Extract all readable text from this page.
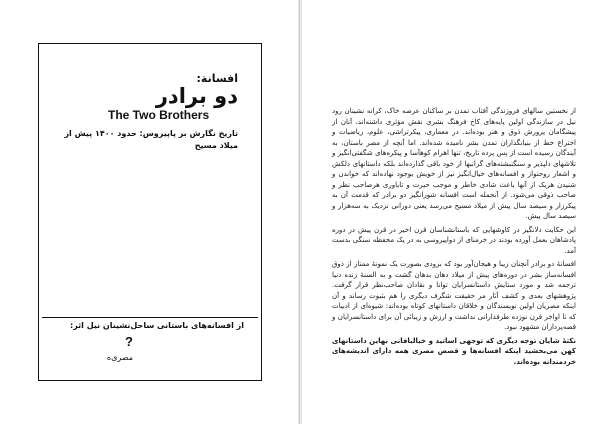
افسانة:
دو برادر
The Two Brothers
تاریخ نگارش بر پاپیروس: حدود ۱۴۰۰ پیش از
میلاد مسیح
از افسانه‌های باستانی ساحل‌نشینان نیل اثر:
?
مصری‌ه

از نخستین سالهای فروزندگی آفتاب تمدن بر ساکنان عرصه خاک، کرانه نشینان رود نیل در سازندگی اولین پایه‌های کاخ فرهنگ بشری نقش مؤثری داشته‌اند، آنان از پیشگامان پرورش ذوق و هنر بوده‌اند. در معماری، پیکرتراشی، علوم، ریاضیات و اختراع خط از بنیانگذاران تمدن بشر نامیده شده‌اند. اما آنچه از مصر باستان، به آیندگان رسیده است از پس پرده تاریخ، تنها اهرام کوهآسا و پیکره‌های شگفتی‌انگیز و تلاشهای دلپذیر و سنگنبشته‌های گرانبها از خود باقی گذارده‌اند بلکه داستانهای دلکش و اشعار روحنواز و افسانه‌های خیال‌انگیز نیز از خویش بوجود نهاده‌اند که خواندن و شنیدن هریک از آنها باعث شادی خاطر و موجب حیرت و تایاوری هرصاحب نظر و صاحب ذوقی می‌شود. از آنجمله است افسانه شورانگیز دو برادر که قدمت آن به پیکرزار و سیصد سال پیش از میلاد مسیح می‌رسد یعنی دورانی نزدیک به سه‌هزار و سیصد سال پیش.

این حکایت دلانگیز در کاوشهایی که باستانشناسان قرن اخیر در قرن پیش در دوره پادشاهان بعمل آورده بودند در خرمنای از دواپیروسی به در یک محفظه سنگی بدست آمد.

افسانهٔ دو برادر آنچنان زیبا و هیجان‌آور بود که بزودی بصورت یک نمونهٔ ممتاز از ذوق افسانه‌ساز بشر در دوره‌های پیش از میلاد دهان بدهان گشت و به السنهٔ زنده دنیا ترجمه شد و مورد ستایش داستانسرایان توانا و نقادان صاحب‌نظر قرار گرفت. پژوهشهای بعدی و کشف آثار مر حقیقت شگرف دیگری را هم بثبوت رساند و آن اینکه مصریان اولین نویسندگان و خلاقان داستانهای کوتاه بوده‌اند: شیوه‌ای از ادبیات که تا اواخر قرن نوزده طرفدارانی نداشت و ارزش و زیبائی آن برای داستانسرایان و قصه‌پردازان مشهود نبود.

نکتهٔ شایان توجه دیگری که توجهی اساتید و خیالبافانی بهاین داستانهای کهن می‌بخشید اینکه افسانه‌ها و قصص مصری همه دارای اندیشه‌های خردمندانه بوده‌اند.
